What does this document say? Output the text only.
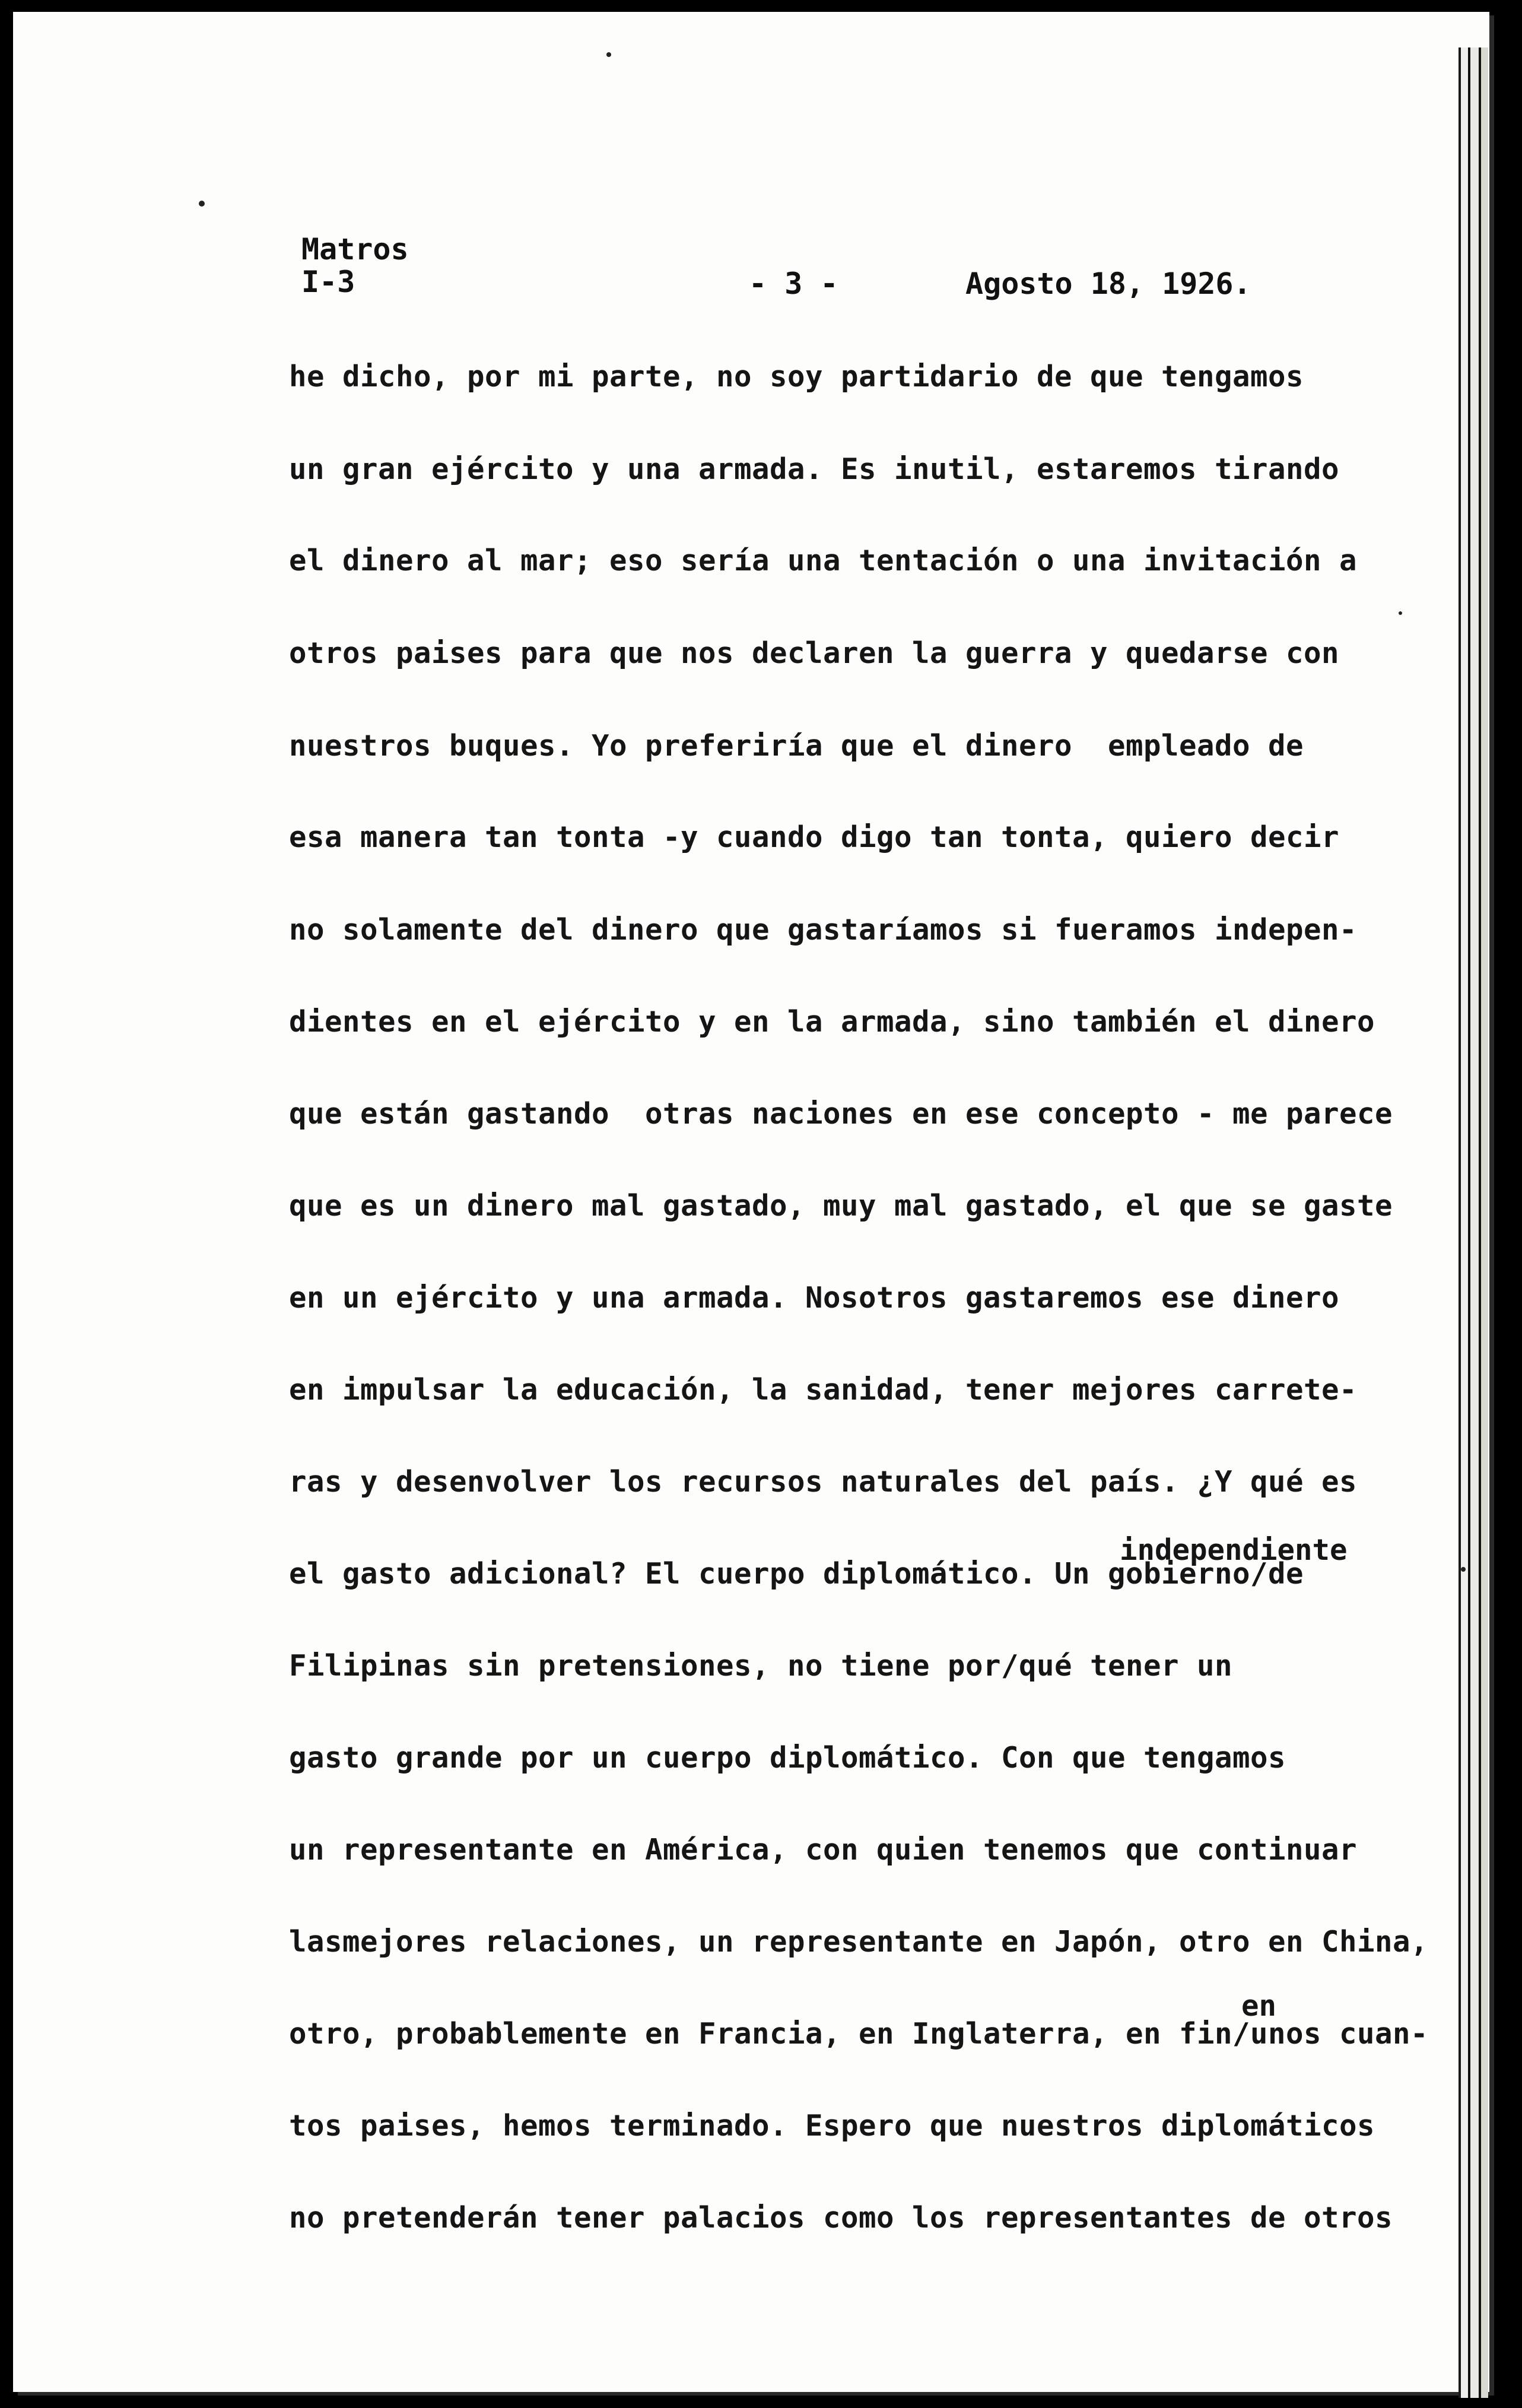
Matros
I-3	- 3 -	Agosto 18, 1926.
he dicho, por mi parte, no soy partidario de que tengamos
un gran ejército y una armada. Es inutil, estaremos tirando
el dinero al mar; eso sería una tentación o una invitación a
otros paises para que nos declaren la guerra y quedarse con
nuestros buques. Yo preferiría que el dinero  empleado de
esa manera tan tonta -y cuando digo tan tonta, quiero decir
no solamente del dinero que gastaríamos si fueramos indepen-
dientes en el ejército y en la armada, sino también el dinero
que están gastando  otras naciones en ese concepto - me parece
que es un dinero mal gastado, muy mal gastado, el que se gaste
en un ejército y una armada. Nosotros gastaremos ese dinero
en impulsar la educación, la sanidad, tener mejores carrete-
ras y desenvolver los recursos naturales del país. ¿Y qué es
independiente
el gasto adicional? El cuerpo diplomático. Un gobierno/de
Filipinas sin pretensiones, no tiene por/qué tener un
gasto grande por un cuerpo diplomático. Con que tengamos
un representante en América, con quien tenemos que continuar
lasmejores relaciones, un representante en Japón, otro en China,
en
otro, probablemente en Francia, en Inglaterra, en fin/unos cuan-
tos paises, hemos terminado. Espero que nuestros diplomáticos
no pretenderán tener palacios como los representantes de otros
